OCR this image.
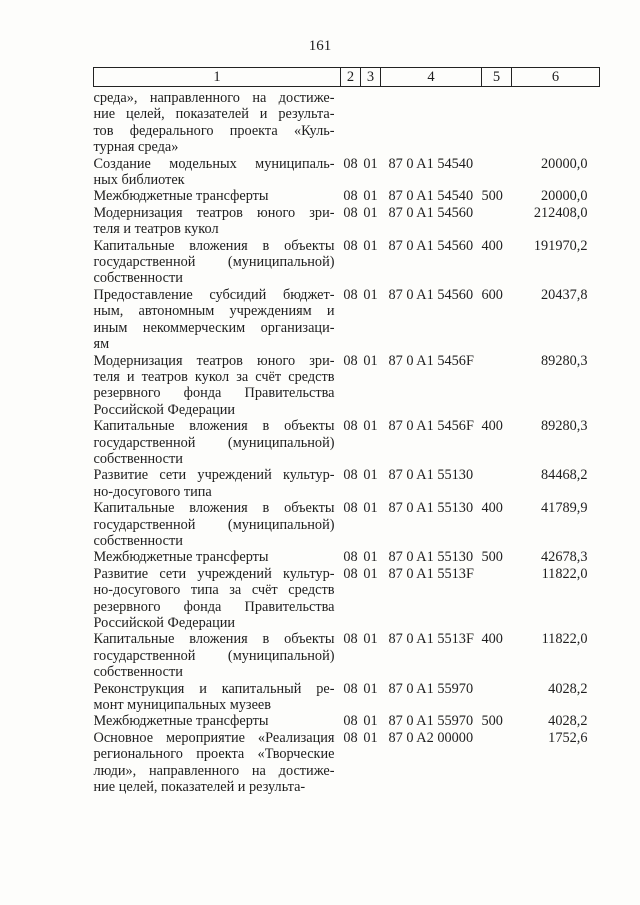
161
1	2	3	4	5	6

среда», направленного на достиже-
ние целей, показателей и результа-
тов федерального проекта «Куль-
турная среда»					

Создание модельных муниципаль-
ных библиотек	08	01	87 0 A1 54540		20000,0

Межбюджетные трансферты	08	01	87 0 A1 54540	500	20000,0

Модернизация театров юного зри-
теля и театров кукол	08	01	87 0 A1 54560		212408,0

Капитальные вложения в объекты
государственной (муниципальной)
собственности	08	01	87 0 A1 54560	400	191970,2

Предоставление субсидий бюджет-
ным, автономным учреждениям и
иным некоммерческим организаци-
ям	08	01	87 0 A1 54560	600	20437,8

Модернизация театров юного зри-
теля и театров кукол за счёт средств
резервного фонда Правительства
Российской Федерации	08	01	87 0 A1 5456F		89280,3

Капитальные вложения в объекты
государственной (муниципальной)
собственности	08	01	87 0 A1 5456F	400	89280,3

Развитие сети учреждений культур-
но-досугового типа	08	01	87 0 A1 55130		84468,2

Капитальные вложения в объекты
государственной (муниципальной)
собственности	08	01	87 0 A1 55130	400	41789,9

Межбюджетные трансферты	08	01	87 0 A1 55130	500	42678,3

Развитие сети учреждений культур-
но-досугового типа за счёт средств
резервного фонда Правительства
Российской Федерации	08	01	87 0 A1 5513F		11822,0

Капитальные вложения в объекты
государственной (муниципальной)
собственности	08	01	87 0 A1 5513F	400	11822,0

Реконструкция и капитальный ре-
монт муниципальных музеев	08	01	87 0 A1 55970		4028,2

Межбюджетные трансферты	08	01	87 0 A1 55970	500	4028,2

Основное мероприятие «Реализация
регионального проекта «Творческие
люди», направленного на достиже-
ние целей, показателей и результа-	08	01	87 0 A2 00000		1752,6
